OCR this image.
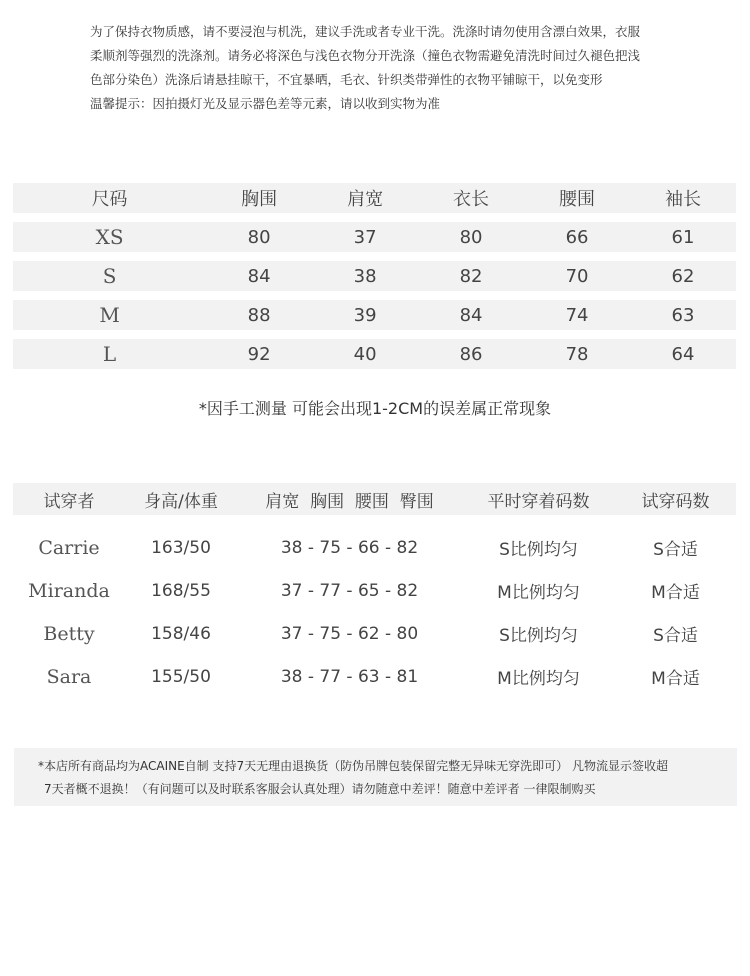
为了保持衣物质感，请不要浸泡与机洗，建议手洗或者专业干洗。洗涤时请勿使用含漂白效果，衣服

柔顺剂等强烈的洗涤剂。请务必将深色与浅色衣物分开洗涤（撞色衣物需避免清洗时间过久褪色把浅

色部分染色）洗涤后请悬挂晾干，不宜暴晒，毛衣、针织类带弹性的衣物平铺晾干，以免变形

温馨提示：因拍摄灯光及显示器色差等元素，请以收到实物为准

尺码	胸围	肩宽	衣长	腰围	袖长
XS	80	37	80	66	61
S	84	38	82	70	62
M	88	39	84	74	63
L	92	40	86	78	64
*因手工测量 可能会出现1-2CM的误差属正常现象
试穿者	身高/体重	肩宽  胸围  腰围  臀围	平时穿着码数	试穿码数
Carrie	163/50	38 - 75 - 66 - 82	S比例均匀	S合适
Miranda	168/55	37 - 77 - 65 - 82	M比例均匀	M合适
Betty	158/46	37 - 75 - 62 - 80	S比例均匀	S合适
Sara	155/50	38 - 77 - 63 - 81	M比例均匀	M合适

*本店所有商品均为ACAINE自制 支持7天无理由退换货（防伪吊牌包装保留完整无异味无穿洗即可） 凡物流显示签收超

7天者概不退换！（有问题可以及时联系客服会认真处理）请勿随意中差评！随意中差评者 一律限制购买
